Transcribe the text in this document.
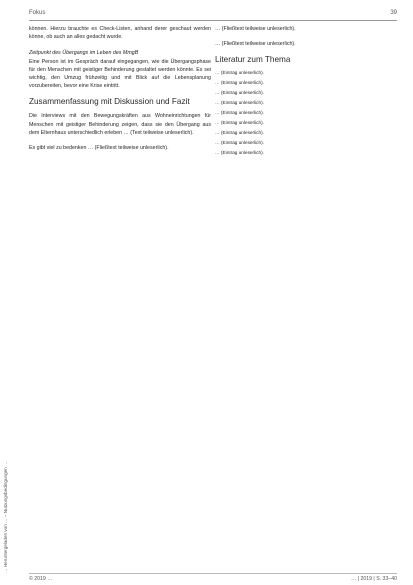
… Heruntergeladen von … – Nutzungsbedingungen …
Fokus	39

können. Hierzu brauchte es Check-Listen, anhand derer geschaut werden könne, ob auch an alles gedacht wurde.

Zeitpunkt des Übergangs im Leben des MmgB

Eine Person ist im Gespräch darauf eingegangen, wie die Übergangsphase für den Menschen mit geistiger Behinderung gestaltet werden könnte. Es sei wichtig, den Umzug frühzeitig und mit Blick auf die Lebensplanung vorzubereiten, bevor eine Krise eintritt.

Zusammenfassung mit Diskussion und Fazit

Die Interviews mit den Bewegungskräften aus Wohneinrichtungen für Menschen mit geistiger Behinderung zeigen, dass sie den Übergang aus dem Elternhaus unterschiedlich erleben … (Text teilweise unleserlich).

Es gibt viel zu bedenken … (Fließtext teilweise unleserlich).

… (Fließtext teilweise unleserlich).

… (Fließtext teilweise unleserlich).

Literatur zum Thema

… (Eintrag unleserlich).

… (Eintrag unleserlich).

… (Eintrag unleserlich).

… (Eintrag unleserlich).

… (Eintrag unleserlich).

… (Eintrag unleserlich).

… (Eintrag unleserlich).

… (Eintrag unleserlich).

… (Eintrag unleserlich).

© 2019 …	… | 2019 | S. 33–40
